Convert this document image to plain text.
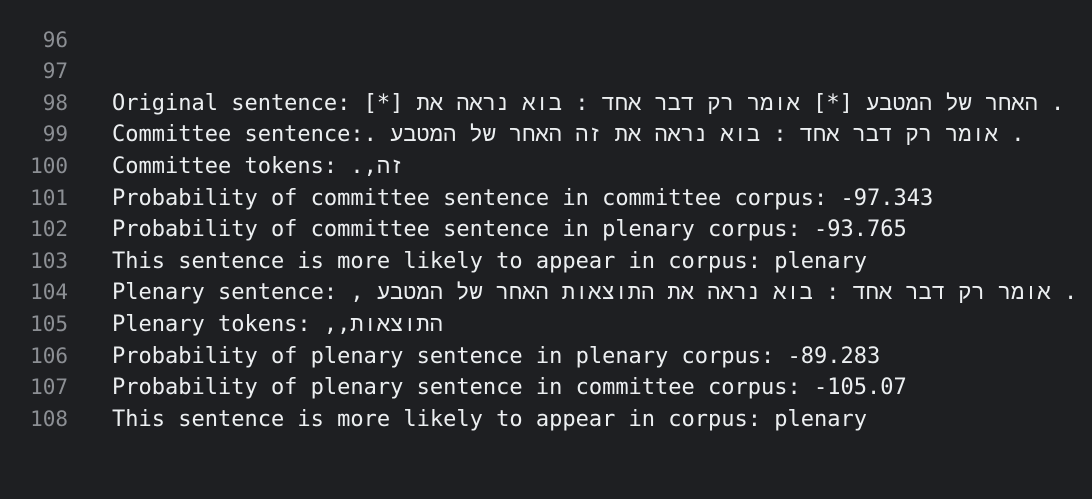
96

97

Original sentence: [*] האחר של המטבע [*] אומר רק דבר אחד : בוא נראה את .

98

Committee sentence:. אומר רק דבר אחד : בוא נראה את זה האחר של המטבע .

99

Committee tokens: .,זה

100

Probability of committee sentence in committee corpus: -97.343

101

Probability of committee sentence in plenary corpus: -93.765

102

This sentence is more likely to appear in corpus: plenary

103

Plenary sentence: , אומר רק דבר אחד : בוא נראה את התוצאות האחר של המטבע .

104

Plenary tokens: ,,התוצאות

105

Probability of plenary sentence in plenary corpus: -89.283

106

Probability of plenary sentence in committee corpus: -105.07

107

This sentence is more likely to appear in corpus: plenary

108
